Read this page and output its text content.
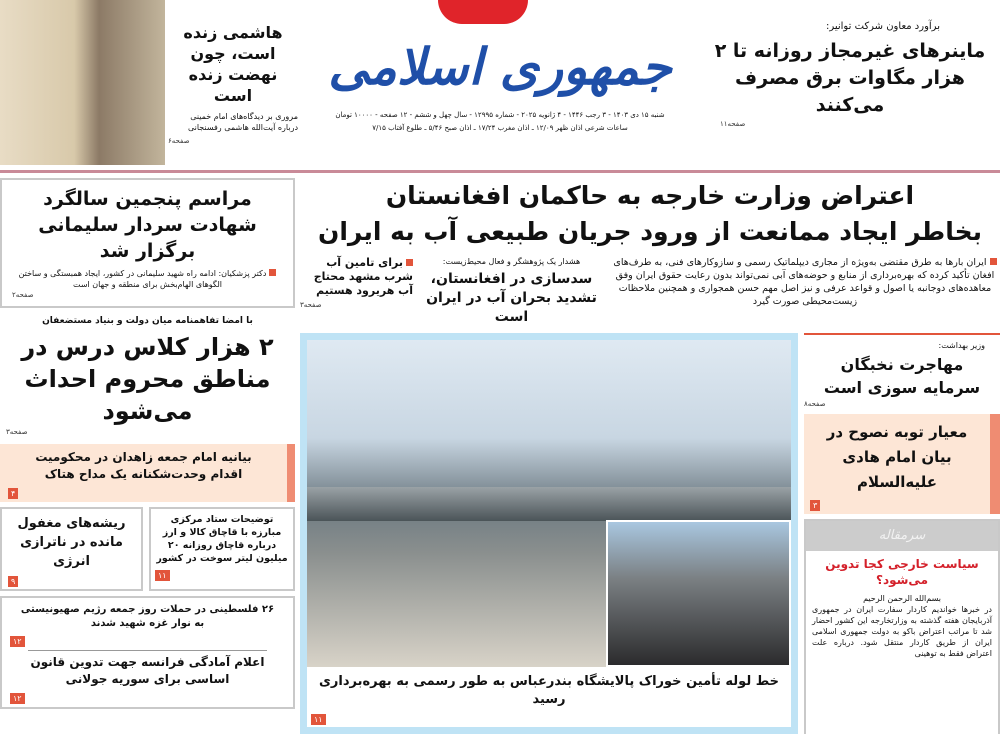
هاشمی زنده است، چون نهضت زنده است
مروری بر دیدگاه‌های امام خمینی درباره آیت‌الله هاشمی رفسنجانی
صفحه۶
جمهوری اسلامی
شنبه ۱۵ دی ۱۴۰۳ - ۳ رجب ۱۴۴۶ - ۴ ژانویه ۲۰۲۵ - شماره ۱۲۹۹۵ - سال چهل و ششم - ۱۲ صفحه - ۱۰۰۰۰ تومان
ساعات شرعی اذان ظهر ۱۲/۰۹ ـ اذان مغرب ۱۷/۲۴ ـ اذان صبح ۵/۴۶ ـ طلوع آفتاب ۷/۱۵
برآورد معاون شرکت توانیر:
ماینرهای غیرمجاز روزانه تا ۲ هزار مگاوات برق مصرف می‌کنند
صفحه۱۱
مراسم پنجمین سالگرد شهادت سردار سلیمانی برگزار شد
دکتر پزشکیان: ادامه راه شهید سلیمانی در کشور، ایجاد همبستگی و ساختن الگوهای الهام‌بخش برای منطقه و جهان است
صفحه۲
با امضا تفاهمنامه میان دولت و بنیاد مستضعفان
۲ هزار کلاس درس در مناطق محروم احداث می‌شود
صفحه۳
بیانیه امام جمعه زاهدان در محکومیت اقدام وحدت‌شکنانه یک مداح هتاک
۴
توضیحات ستاد مرکزی مبارزه با قاچاق کالا و ارز درباره قاچاق روزانه ۲۰ میلیون لیتر سوخت در کشور
۱۱
ریشه‌های مغفول مانده در ناترازی انرژی
۹
۲۶ فلسطینی در حملات روز جمعه رژیم صهیونیستی به نوار غزه شهید شدند
۱۲
اعلام آمادگی فرانسه جهت تدوین قانون اساسی برای سوریه جولانی
۱۲
اعتراض وزارت خارجه به حاکمان افغانستان
بخاطر ایجاد ممانعت از ورود جریان طبیعی آب به ایران
ایران بارها به طرق مقتضی به‌ویژه از مجاری دیپلماتیک رسمی و سازوکارهای فنی، به طرف‌های افغان تأکید کرده که بهره‌برداری از منابع و حوضه‌های آبی نمی‌تواند بدون رعایت حقوق ایران وفق معاهده‌های دوجانبه یا اصول و قواعد عرفی و نیز اصل مهم حسن همجواری و همچنین ملاحظات زیست‌محیطی صورت گیرد
هشدار یک پژوهشگر و فعال محیط‌زیست:
سدسازی در افغانستان، تشدید بحران آب در ایران است
برای تامین آب شرب مشهد محتاج آب هریرود هستیم
صفحه۳
خط لوله تأمین خوراک پالایشگاه بندرعباس به طور رسمی به بهره‌برداری رسید
۱۱
وزیر بهداشت:
مهاجرت نخبگان سرمایه سوزی است
صفحه۸
معیار توبه نصوح در بیان امام هادی علیه‌السلام
۳
سرمقاله
سیاست خارجی کجا تدوین می‌شود؟
بسم‌الله الرحمن الرحیم
در خبرها خواندیم کاردار سفارت ایران در جمهوری آذربایجان هفته گذشته به وزارتخارجه این کشور احضار شد تا مراتب اعتراض باکو به دولت جمهوری اسلامی ایران از طریق کاردار منتقل شود. درباره علت اعتراض فقط به توهینی
